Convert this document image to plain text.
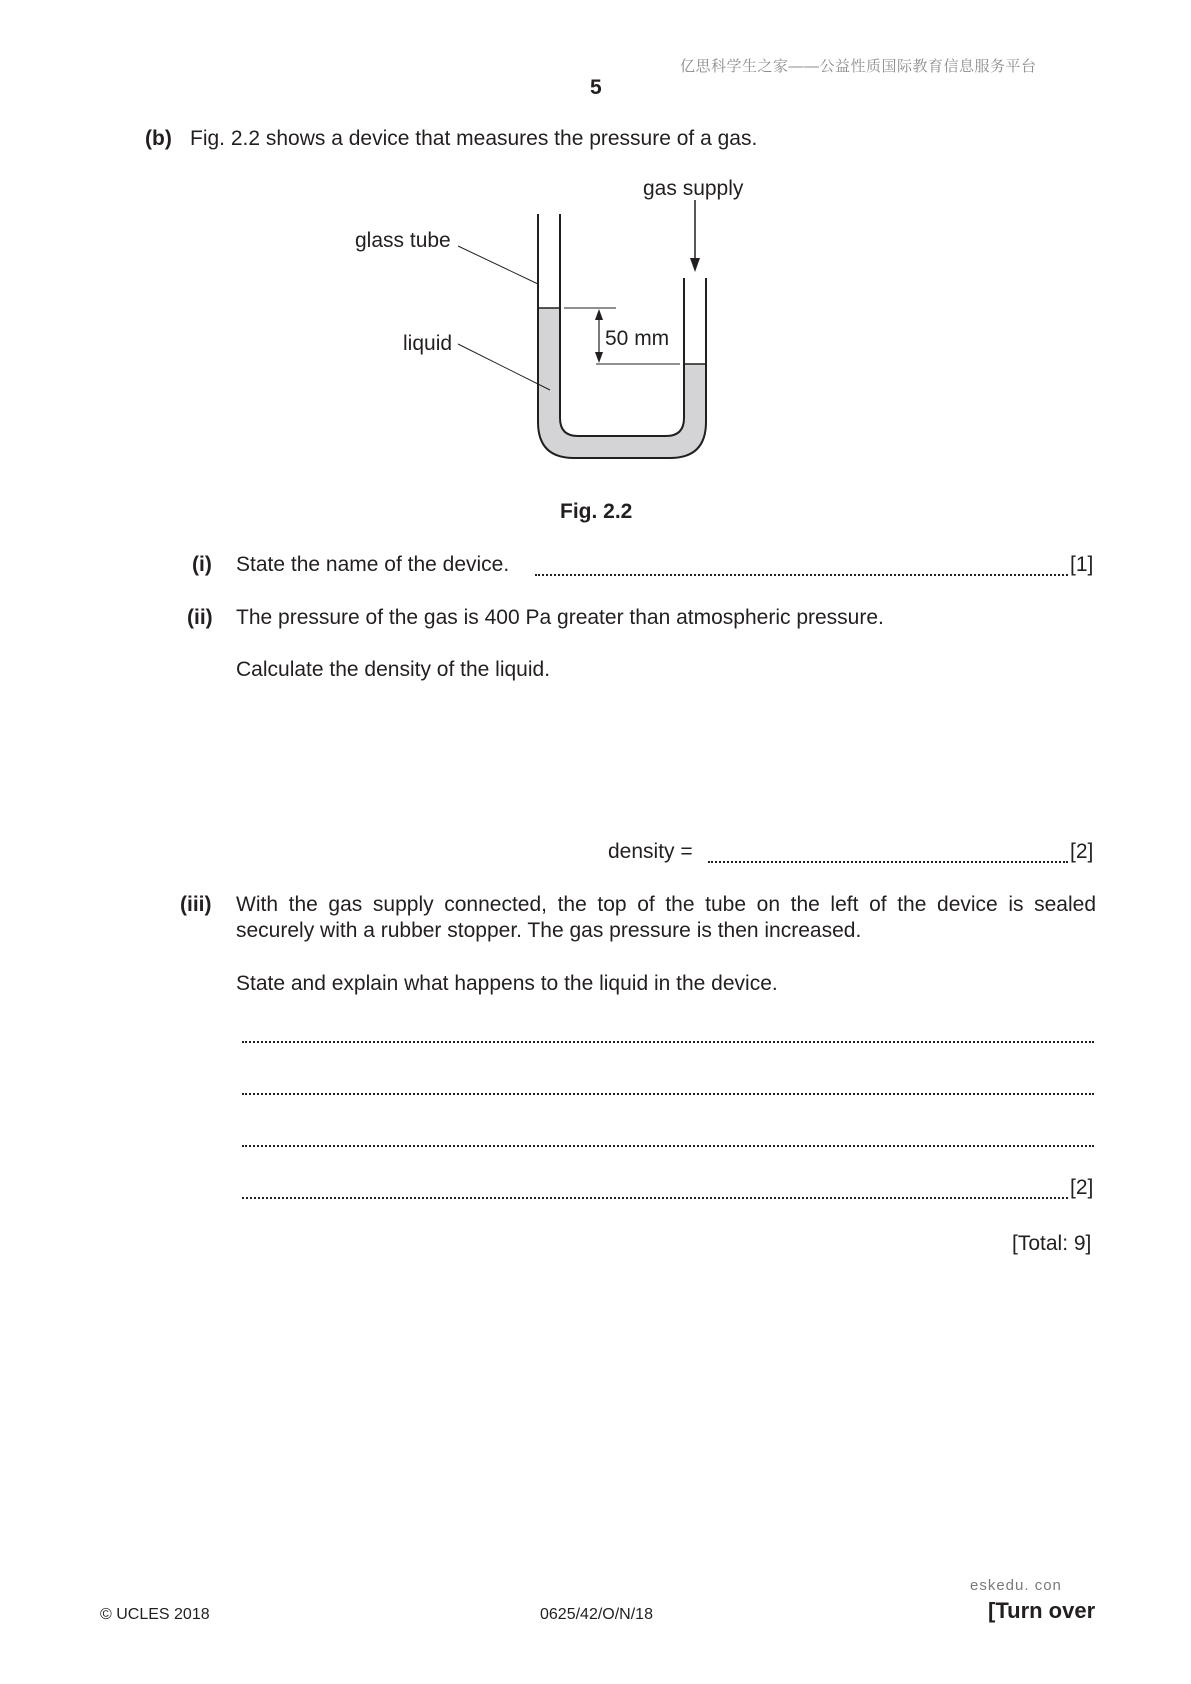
亿思科学生之家——公益性质国际教育信息服务平台
5
(b) Fig. 2.2 shows a device that measures the pressure of a gas.
gas supply
glass tube
liquid	50 mm
Fig. 2.2
(i) State the name of the device.	[1]
(ii) The pressure of the gas is 400 Pa greater than atmospheric pressure.
Calculate the density of the liquid.
density =	[2]
(iii) With the gas supply connected, the top of the tube on the left of the device is sealed
securely with a rubber stopper. The gas pressure is then increased.
State and explain what happens to the liquid in the device.
[2]
[Total: 9]
eskedu. con
© UCLES 2018	0625/42/O/N/18	[Turn over
